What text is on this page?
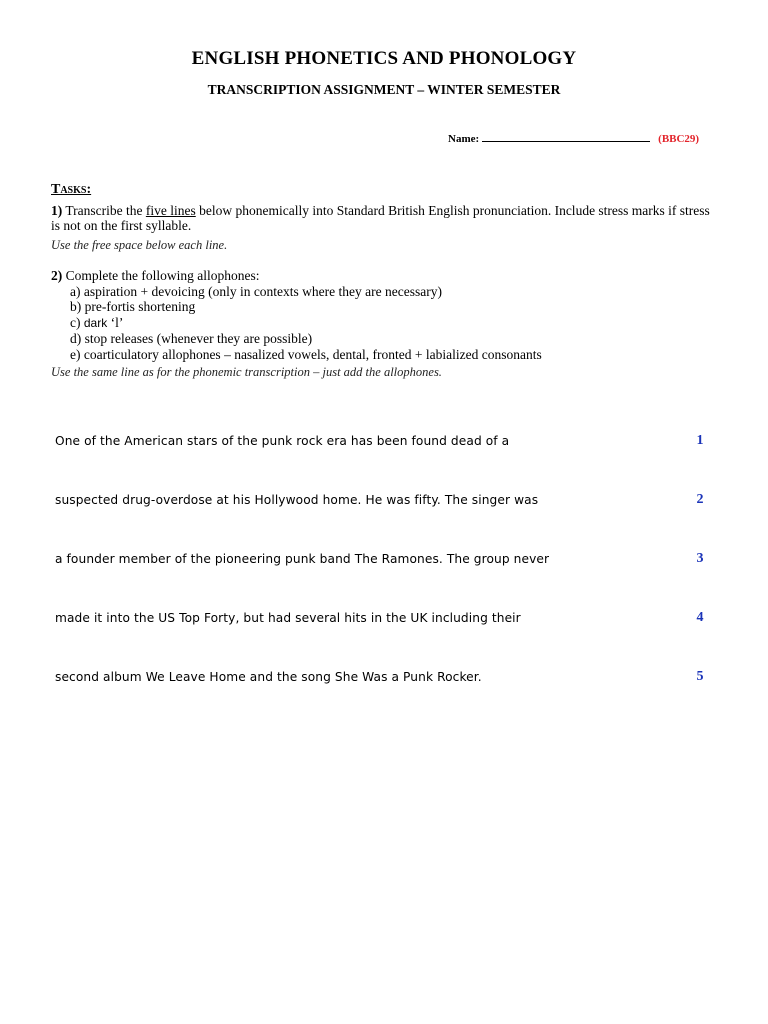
ENGLISH PHONETICS AND PHONOLOGY
TRANSCRIPTION ASSIGNMENT – WINTER SEMESTER
Name:	(BBC29)
Tasks:
1) Transcribe the five lines below phonemically into Standard British English pronunciation. Include stress marks if stress is not on the first syllable.
Use the free space below each line.
2) Complete the following allophones:
a) aspiration + devoicing (only in contexts where they are necessary)
b) pre-fortis shortening
c) dark ‘l’
d) stop releases (whenever they are possible)
e) coarticulatory allophones – nasalized vowels, dental, fronted + labialized consonants
Use the same line as for the phonemic transcription – just add the allophones.
One of the American stars of the punk rock era has been found dead of a	1
suspected drug-overdose at his Hollywood home. He was fifty. The singer was	2
a founder member of the pioneering punk band The Ramones. The group never	3
made it into the US Top Forty, but had several hits in the UK including their	4
second album We Leave Home and the song She Was a Punk Rocker.	5
